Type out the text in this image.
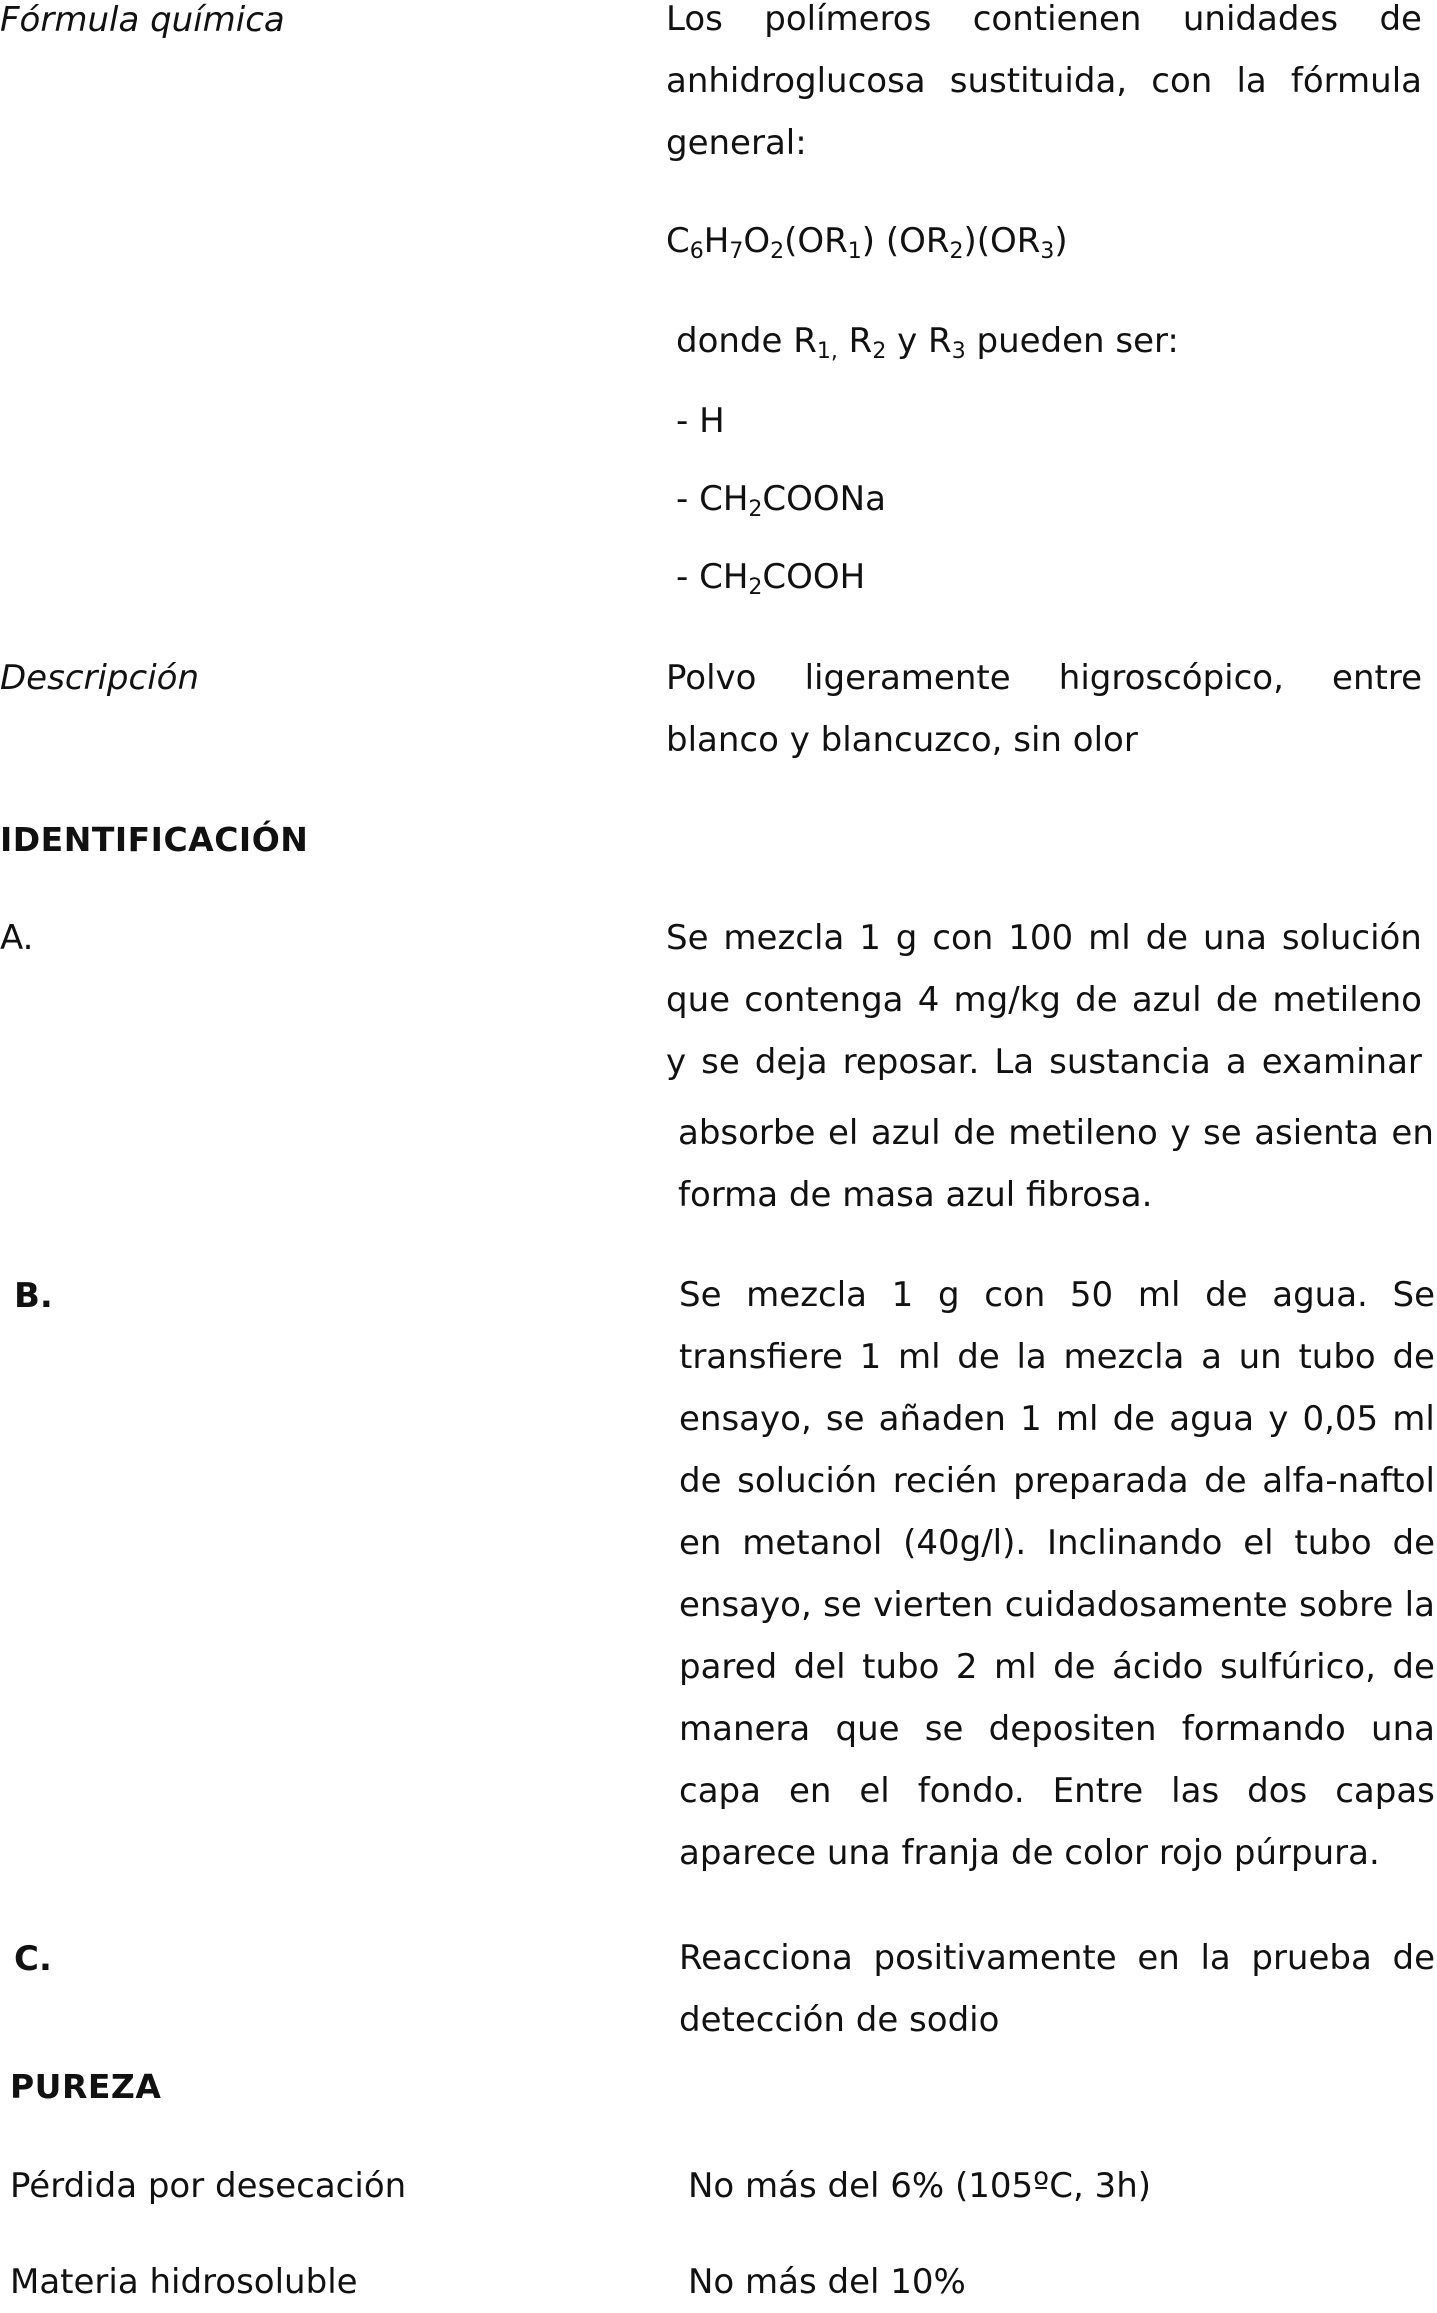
Fórmula química	Los polímeros contienen unidades de
anhidroglucosa sustituida, con la fórmula
general:
$C_6H_7O_2(OR_1)$ $(OR_2)(OR_3)$
donde $R_{1,}$ $R_2$ y $R_3$ pueden ser:
- H
- $CH_2COONa$
- $CH_2COOH$
Descripción	Polvo ligeramente higroscópico, entre
blanco y blancuzco, sin olor
IDENTIFICACIÓN
A.	Se mezcla 1 g con 100 ml de una solución
que contenga 4 mg/kg de azul de metileno
y se deja reposar. La sustancia a examinar
absorbe el azul de metileno y se asienta en
forma de masa azul fibrosa.
B.	Se mezcla 1 g con 50 ml de agua. Se
transfiere 1 ml de la mezcla a un tubo de
ensayo, se añaden 1 ml de agua y 0,05 ml
de solución recién preparada de alfa-naftol
en metanol (40g/l). Inclinando el tubo de
ensayo, se vierten cuidadosamente sobre la
pared del tubo 2 ml de ácido sulfúrico, de
manera que se depositen formando una
capa en el fondo. Entre las dos capas
aparece una franja de color rojo púrpura.
C.	Reacciona positivamente en la prueba de
detección de sodio
PUREZA
Pérdida por desecación	No más del 6% (105ºC, 3h)
Materia hidrosoluble	No más del 10%
